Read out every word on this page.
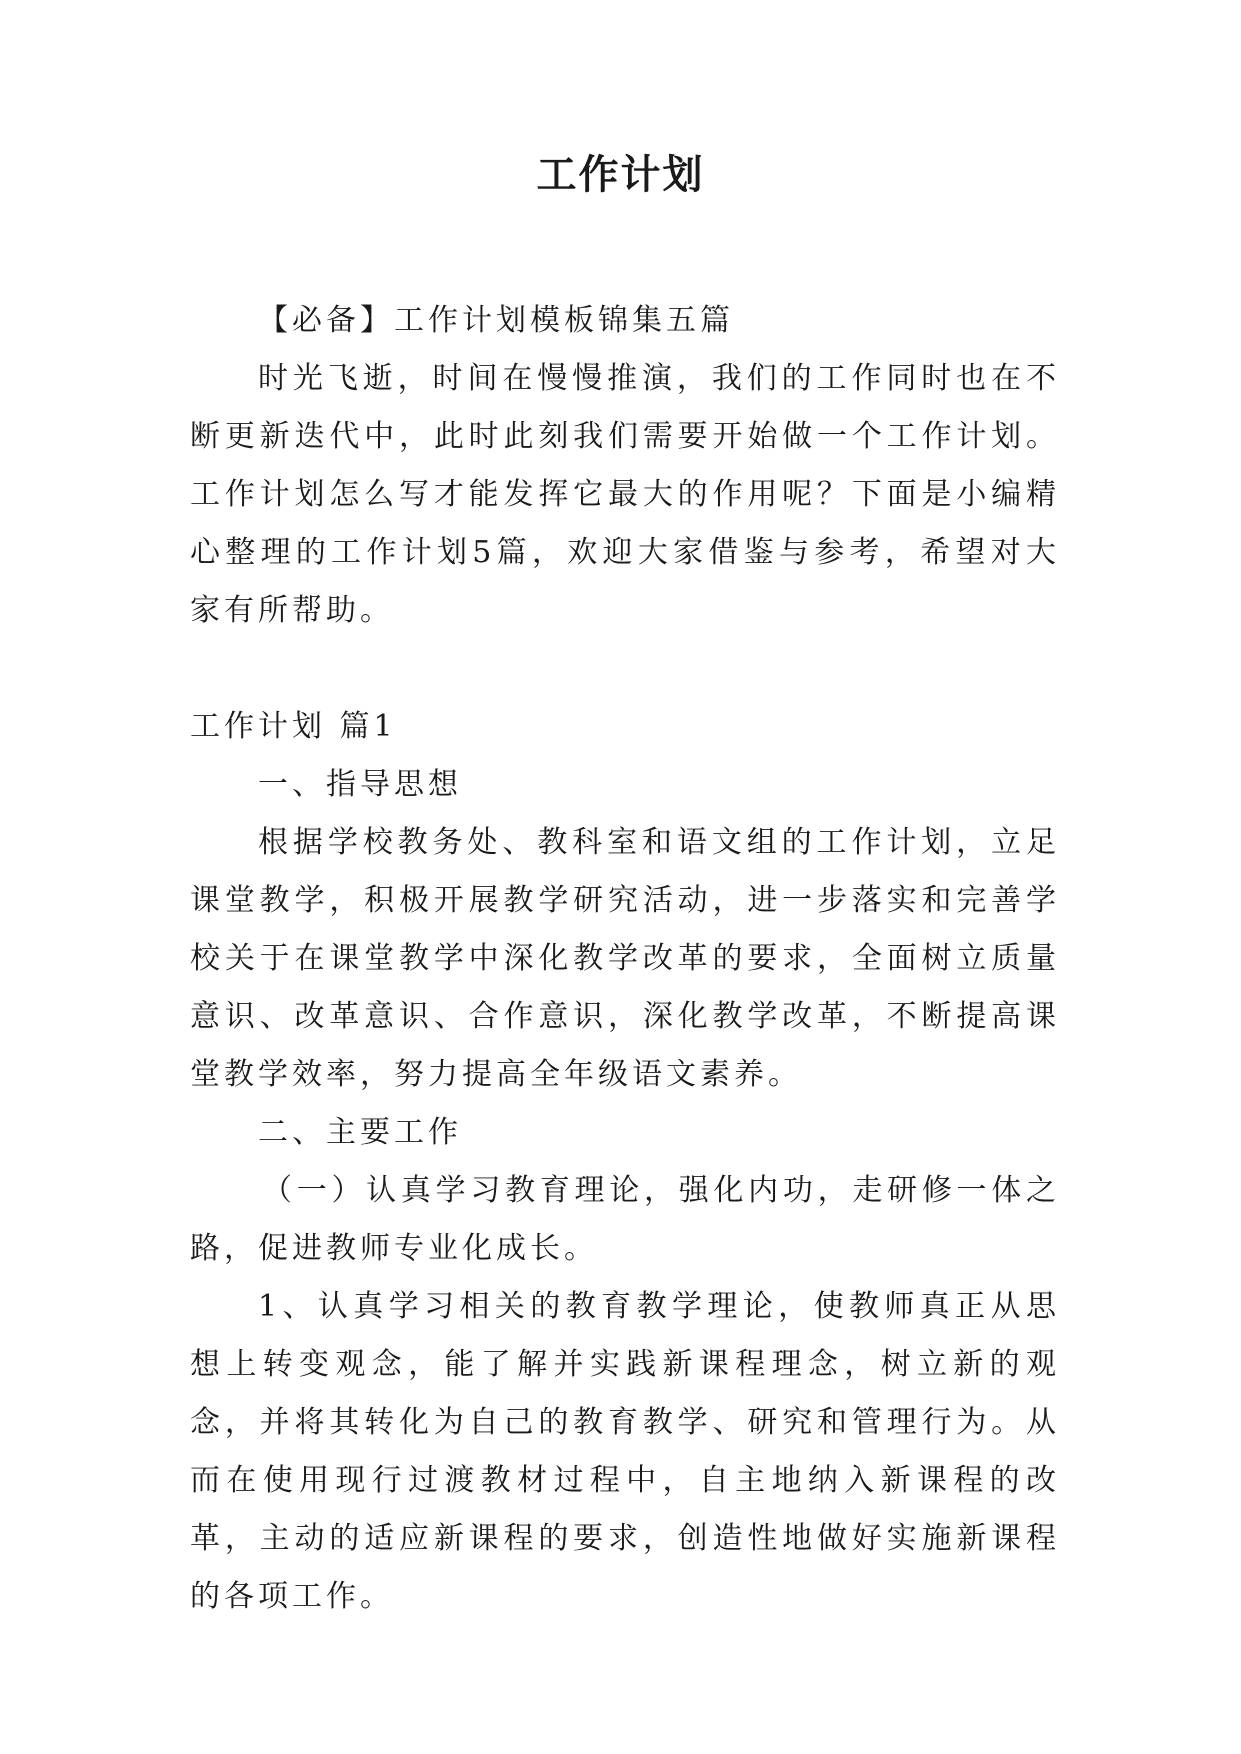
工作计划

【必备】工作计划模板锦集五篇

时光飞逝，时间在慢慢推演，我们的工作同时也在不断更新迭代中，此时此刻我们需要开始做一个工作计划。工作计划怎么写才能发挥它最大的作用呢？下面是小编精心整理的工作计划5篇，欢迎大家借鉴与参考，希望对大家有所帮助。

工作计划 篇1

一、指导思想

根据学校教务处、教科室和语文组的工作计划，立足课堂教学，积极开展教学研究活动，进一步落实和完善学校关于在课堂教学中深化教学改革的要求，全面树立质量意识、改革意识、合作意识，深化教学改革，不断提高课堂教学效率，努力提高全年级语文素养。

二、主要工作

（一）认真学习教育理论，强化内功，走研修一体之路，促进教师专业化成长。

1、认真学习相关的教育教学理论，使教师真正从思想上转变观念，能了解并实践新课程理念，树立新的观念，并将其转化为自己的教育教学、研究和管理行为。从而在使用现行过渡教材过程中，自主地纳入新课程的改革，主动的适应新课程的要求，创造性地做好实施新课程的各项工作。
